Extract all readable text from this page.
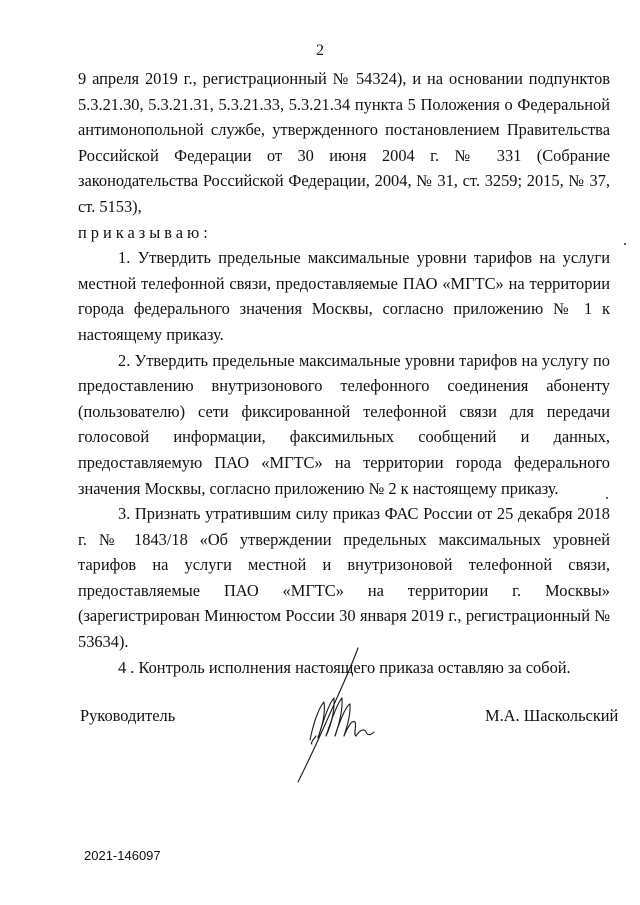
2

9 апреля 2019 г., регистрационный № 54324), и на основании подпунктов 5.3.21.30, 5.3.21.31, 5.3.21.33, 5.3.21.34 пункта 5 Положения о Федеральной антимонопольной службе, утвержденного постановлением Правительства Российской Федерации от 30 июня 2004 г. № 331 (Собрание законодательства Российской Федерации, 2004, № 31, ст. 3259; 2015, № 37, ст. 5153),

приказываю:

1. Утвердить предельные максимальные уровни тарифов на услуги местной телефонной связи, предоставляемые ПАО «МГТС» на территории города федерального значения Москвы, согласно приложению № 1 к настоящему приказу.

2. Утвердить предельные максимальные уровни тарифов на услугу по предоставлению внутризонового телефонного соединения абоненту (пользователю) сети фиксированной телефонной связи для передачи голосовой информации, факсимильных сообщений и данных, предоставляемую ПАО «МГТС» на территории города федерального значения Москвы, согласно приложению № 2 к настоящему приказу.

3. Признать утратившим силу приказ ФАС России от 25 декабря 2018 г. № 1843/18 «Об утверждении предельных максимальных уровней тарифов на услуги местной и внутризоновой телефонной связи, предоставляемые ПАО «МГТС» на территории г. Москвы» (зарегистрирован Минюстом России 30 января 2019 г., регистрационный № 53634).

4 . Контроль исполнения настоящего приказа оставляю за собой.

Руководитель	М.А. Шаскольский
2021-146097
